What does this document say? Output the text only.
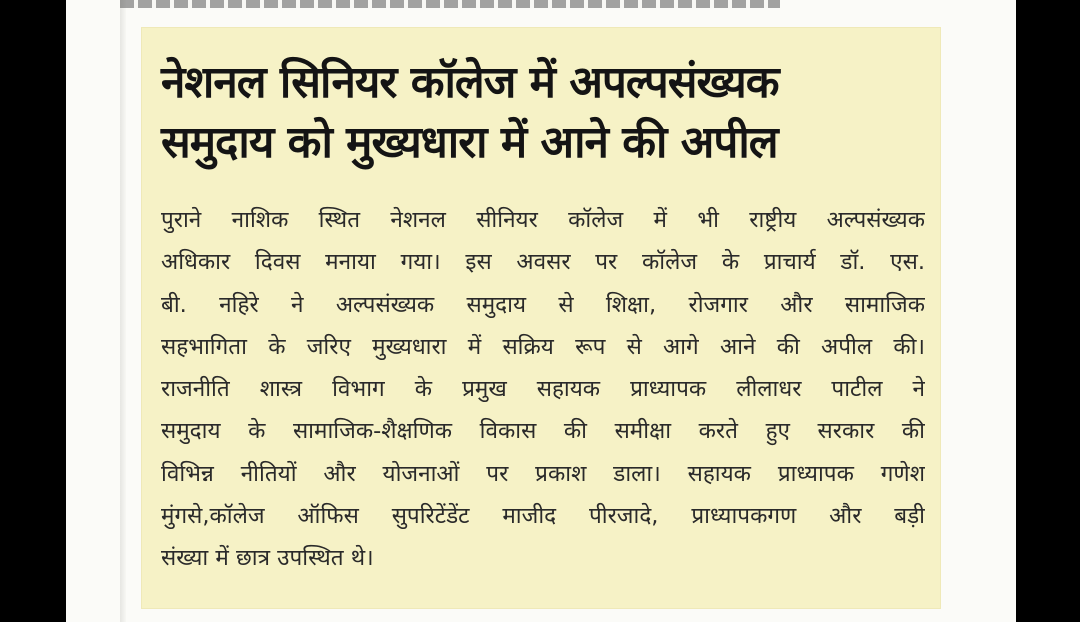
नेशनल सिनियर कॉलेज में अपल्पसंख्यक
समुदाय को मुख्यधारा में आने की अपील
पुराने नाशिक स्थित नेशनल सीनियर कॉलेज में भी राष्ट्रीय अल्पसंख्यक
अधिकार दिवस मनाया गया। इस अवसर पर कॉलेज के प्राचार्य डॉ. एस.
बी. नहिरे ने अल्पसंख्यक समुदाय से शिक्षा, रोजगार और सामाजिक
सहभागिता के जरिए मुख्यधारा में सक्रिय रूप से आगे आने की अपील की।
राजनीति शास्त्र विभाग के प्रमुख सहायक प्राध्यापक लीलाधर पाटील ने
समुदाय के सामाजिक-शैक्षणिक विकास की समीक्षा करते हुए सरकार की
विभिन्न नीतियों और योजनाओं पर प्रकाश डाला। सहायक प्राध्यापक गणेश
मुंगसे,कॉलेज ऑफिस सुपरिटेंडेंट माजीद पीरजादे, प्राध्यापकगण और बड़ी
संख्या में छात्र उपस्थित थे।
